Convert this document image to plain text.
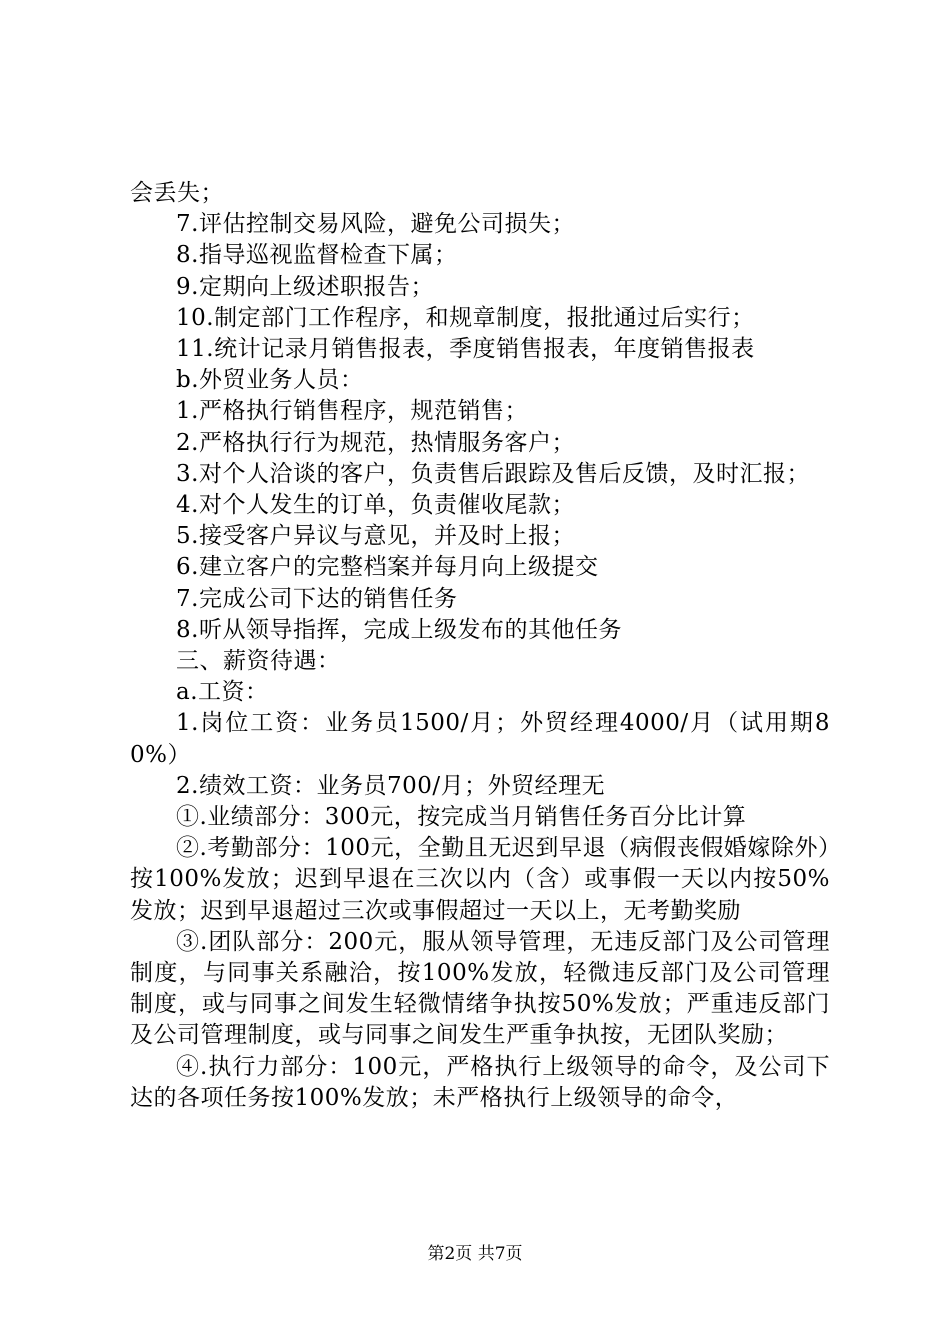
会丢失；

7.评估控制交易风险，避免公司损失；

8.指导巡视监督检查下属；

9.定期向上级述职报告；

10.制定部门工作程序，和规章制度，报批通过后实行；

11.统计记录月销售报表，季度销售报表，年度销售报表

b.外贸业务人员：

1.严格执行销售程序，规范销售；

2.严格执行行为规范，热情服务客户；

3.对个人洽谈的客户，负责售后跟踪及售后反馈，及时汇报；

4.对个人发生的订单，负责催收尾款；

5.接受客户异议与意见，并及时上报；

6.建立客户的完整档案并每月向上级提交

7.完成公司下达的销售任务

8.听从领导指挥，完成上级发布的其他任务

三、薪资待遇：

a.工资：

1.岗位工资：业务员1500/月；外贸经理4000/月（试用期80%）

2.绩效工资：业务员700/月；外贸经理无

①.业绩部分：300元，按完成当月销售任务百分比计算

②.考勤部分：100元，全勤且无迟到早退（病假丧假婚嫁除外）按100%发放；迟到早退在三次以内（含）或事假一天以内按50%发放；迟到早退超过三次或事假超过一天以上，无考勤奖励

③.团队部分：200元，服从领导管理，无违反部门及公司管理制度，与同事关系融洽，按100%发放，轻微违反部门及公司管理制度，或与同事之间发生轻微情绪争执按50%发放；严重违反部门及公司管理制度，或与同事之间发生严重争执按，无团队奖励；

④.执行力部分：100元，严格执行上级领导的命令，及公司下达的各项任务按100%发放；未严格执行上级领导的命令，

第2页 共7页
